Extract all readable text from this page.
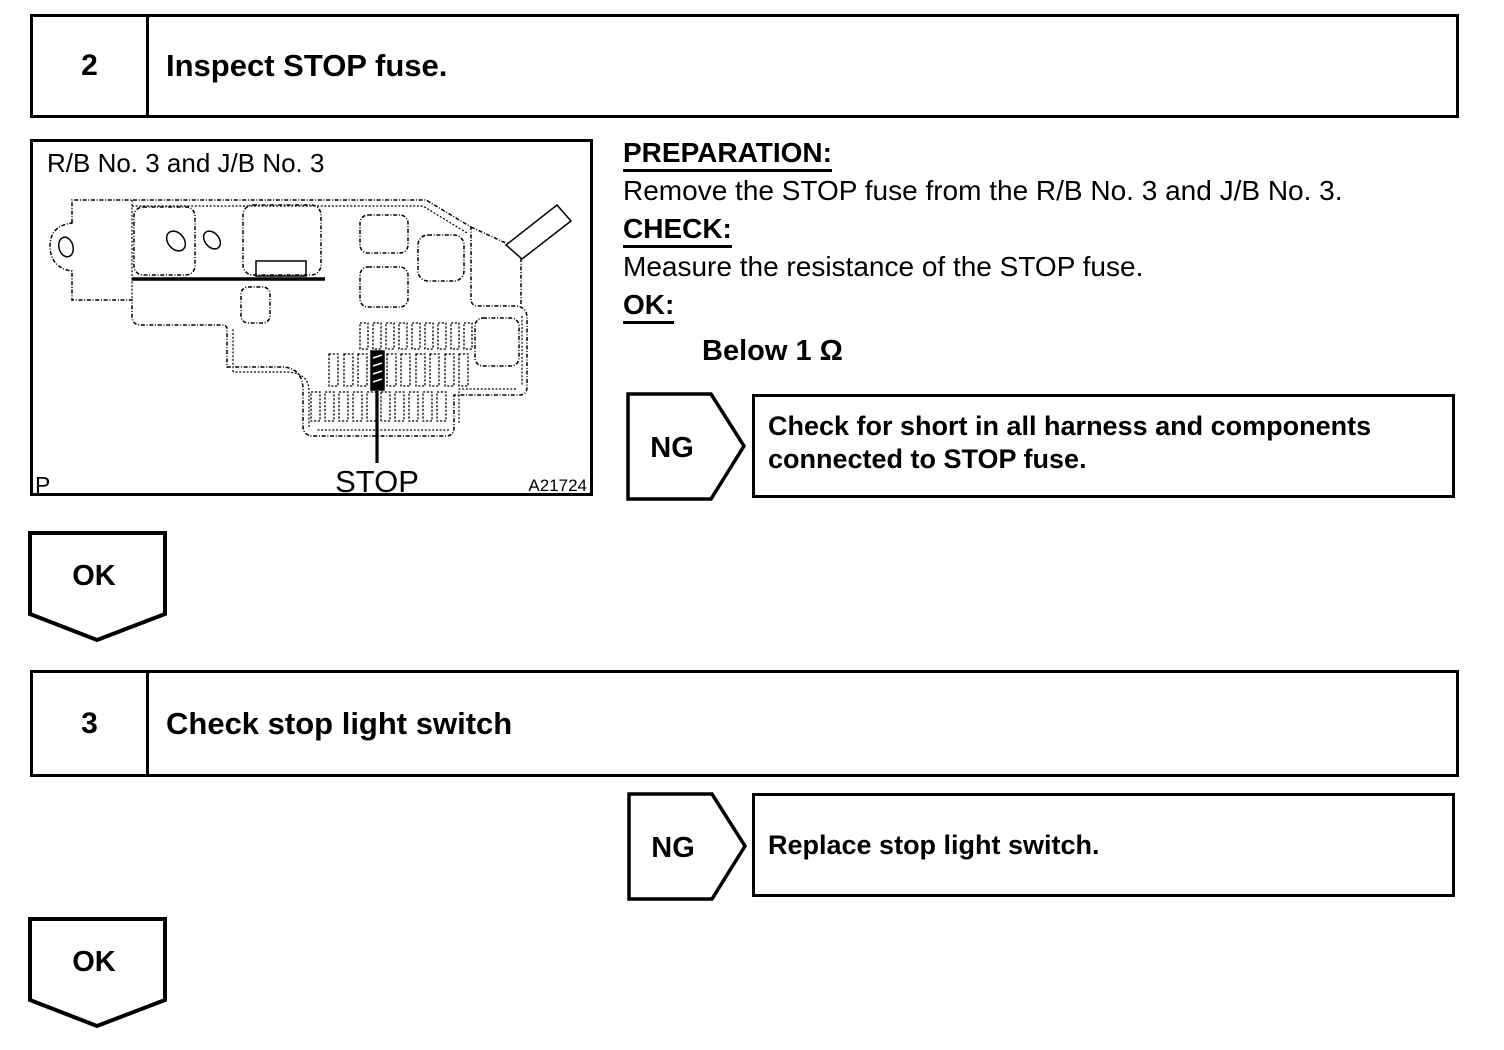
2	Inspect STOP fuse.
R/B No. 3 and J/B No. 3
STOP
P	A21724

PREPARATION:

Remove the STOP fuse from the R/B No. 3 and J/B No. 3.

CHECK:

Measure the resistance of the STOP fuse.

OK:

Below 1 Ω

NG
Check for short in all harness and components connected to STOP fuse.
OK
3	Check stop light switch
NG	Replace stop light switch.
OK
